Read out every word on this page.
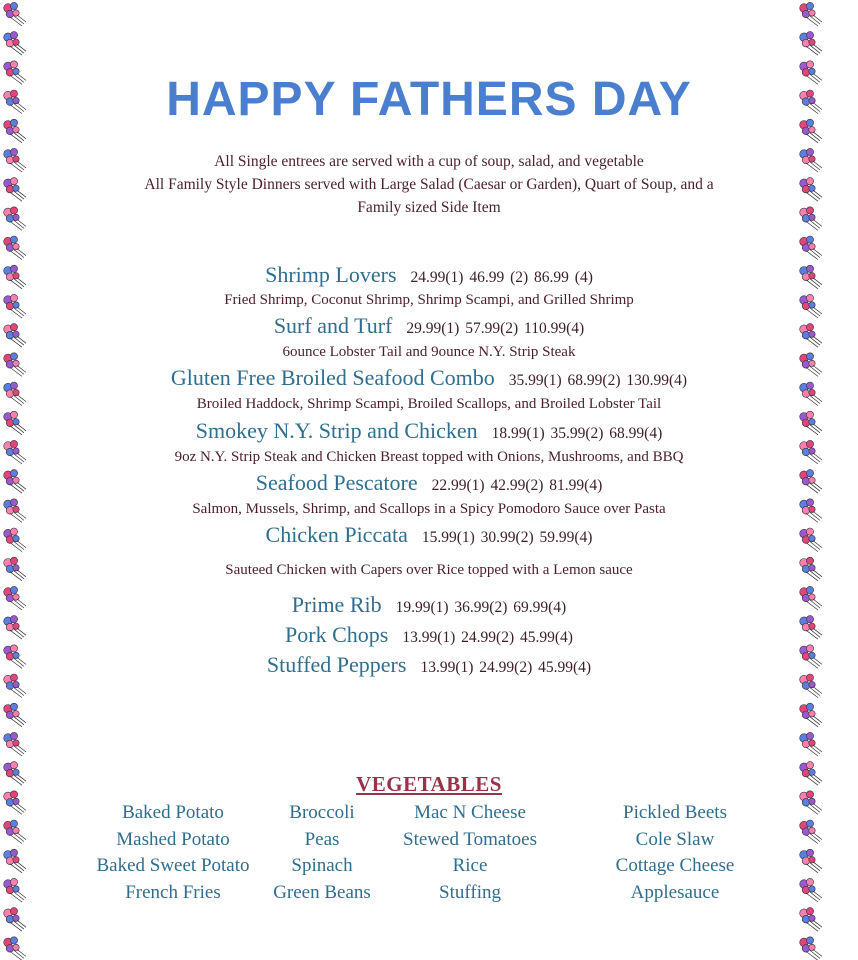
HAPPY FATHERS DAY
All Single entrees are served with a cup of soup, salad, and vegetable
All Family Style Dinners served with Large Salad (Caesar or Garden), Quart of Soup, and a
Family sized Side Item
Shrimp Lovers 24.99(1) 46.99 (2) 86.99 (4)
Fried Shrimp, Coconut Shrimp, Shrimp Scampi, and Grilled Shrimp
Surf and Turf 29.99(1) 57.99(2) 110.99(4)
6ounce Lobster Tail and 9ounce N.Y. Strip Steak
Gluten Free Broiled Seafood Combo 35.99(1) 68.99(2) 130.99(4)
Broiled Haddock, Shrimp Scampi, Broiled Scallops, and Broiled Lobster Tail
Smokey N.Y. Strip and Chicken 18.99(1) 35.99(2) 68.99(4)
9oz N.Y. Strip Steak and Chicken Breast topped with Onions, Mushrooms, and BBQ
Seafood Pescatore 22.99(1) 42.99(2) 81.99(4)
Salmon, Mussels, Shrimp, and Scallops in a Spicy Pomodoro Sauce over Pasta
Chicken Piccata 15.99(1) 30.99(2) 59.99(4)
Sauteed Chicken with Capers over Rice topped with a Lemon sauce
Prime Rib 19.99(1) 36.99(2) 69.99(4)
Pork Chops 13.99(1) 24.99(2) 45.99(4)
Stuffed Peppers 13.99(1) 24.99(2) 45.99(4)
VEGETABLES
Baked Potato
Mashed Potato
Baked Sweet Potato
French Fries
Broccoli
Peas
Spinach
Green Beans
Mac N Cheese
Stewed Tomatoes
Rice
Stuffing
Pickled Beets
Cole Slaw
Cottage Cheese
Applesauce
